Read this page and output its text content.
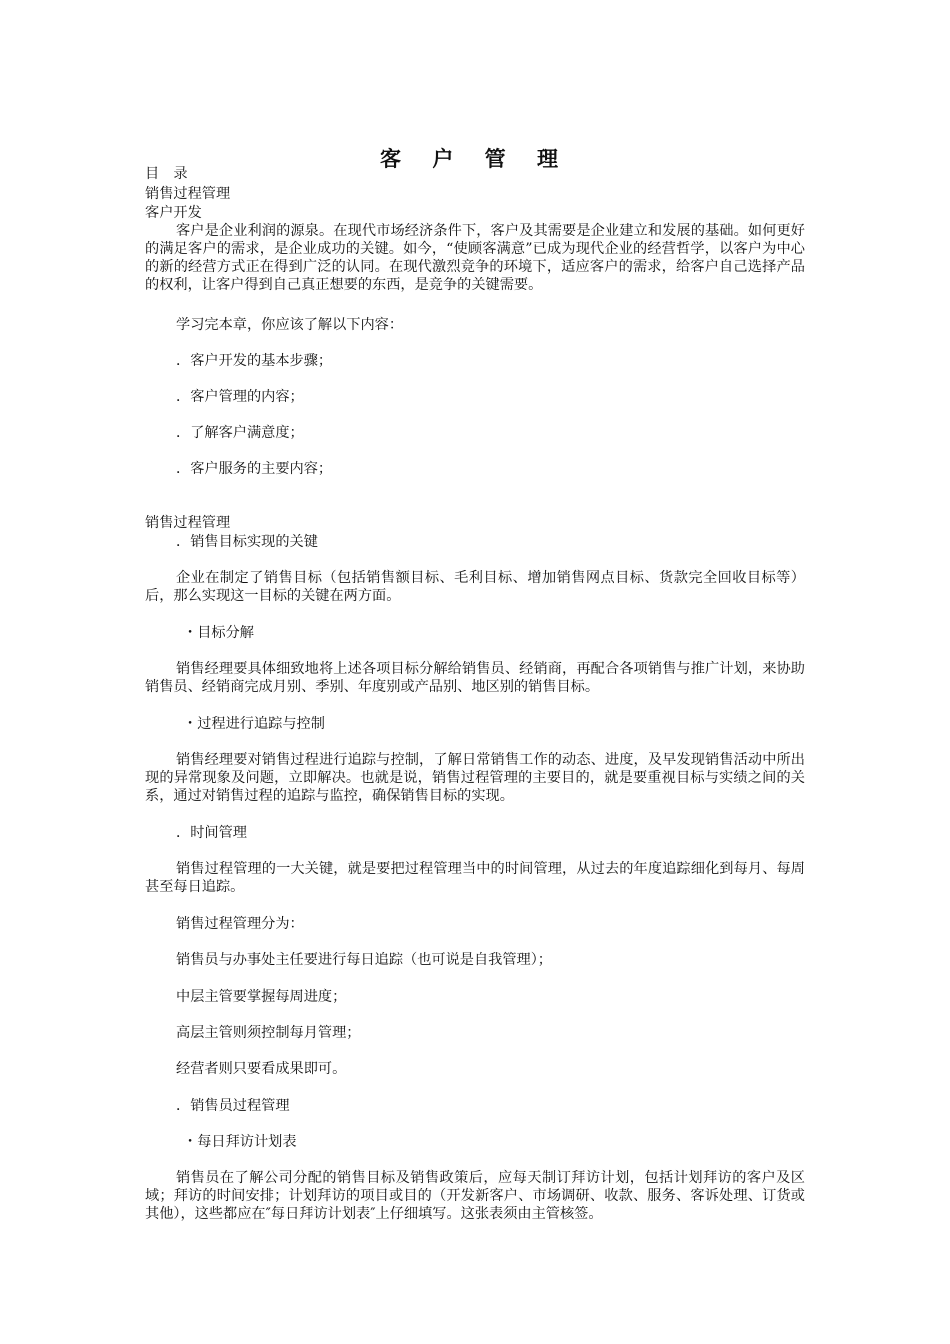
客 户 管 理
目　录
销售过程管理
客户开发
客户是企业利润的源泉。在现代市场经济条件下，客户及其需要是企业建立和发展的基础。如何更好的满足客户的需求，是企业成功的关键。如今，“使顾客满意”已成为现代企业的经营哲学，以客户为中心的新的经营方式正在得到广泛的认同。在现代激烈竞争的环境下，适应客户的需求，给客户自己选择产品的权利，让客户得到自己真正想要的东西，是竞争的关键需要。
学习完本章，你应该了解以下内容：
．客户开发的基本步骤；
．客户管理的内容；
．了解客户满意度；
．客户服务的主要内容；
销售过程管理
．销售目标实现的关键
企业在制定了销售目标（包括销售额目标、毛利目标、增加销售网点目标、货款完全回收目标等）后，那么实现这一目标的关键在两方面。
・目标分解
销售经理要具体细致地将上述各项目标分解给销售员、经销商，再配合各项销售与推广计划，来协助销售员、经销商完成月别、季别、年度别或产品别、地区别的销售目标。
・过程进行追踪与控制
销售经理要对销售过程进行追踪与控制，了解日常销售工作的动态、进度，及早发现销售活动中所出现的异常现象及问题，立即解决。也就是说，销售过程管理的主要目的，就是要重视目标与实绩之间的关系，通过对销售过程的追踪与监控，确保销售目标的实现。
．时间管理
销售过程管理的一大关键，就是要把过程管理当中的时间管理，从过去的年度追踪细化到每月、每周甚至每日追踪。
销售过程管理分为：
销售员与办事处主任要进行每日追踪（也可说是自我管理）；
中层主管要掌握每周进度；
高层主管则须控制每月管理；
经营者则只要看成果即可。
．销售员过程管理
・每日拜访计划表
销售员在了解公司分配的销售目标及销售政策后，应每天制订拜访计划，包括计划拜访的客户及区域；拜访的时间安排；计划拜访的项目或目的（开发新客户、市场调研、收款、服务、客诉处理、订货或其他），这些都应在″每日拜访计划表″上仔细填写。这张表须由主管核签。
